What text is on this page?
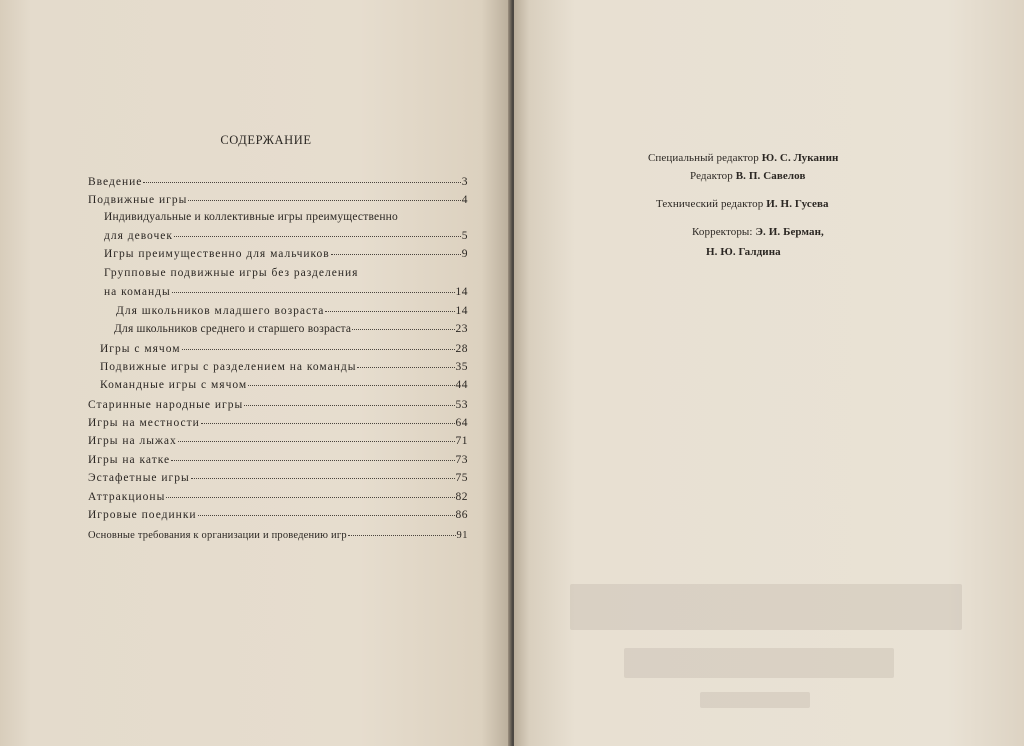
СОДЕРЖАНИЕ
Введение	3
Подвижные игры	4
Индивидуальные и коллективные игры преимущественно
для девочек	5
Игры преимущественно для мальчиков	9
Групповые подвижные игры без разделения
на команды	14
Для школьников младшего возраста	14
Для школьников среднего и старшего возраста	23
Игры с мячом	28
Подвижные игры с разделением на команды	35
Командные игры с мячом	44
Старинные народные игры	53
Игры на местности	64
Игры на лыжах	71
Игры на катке	73
Эстафетные игры	75
Аттракционы	82
Игровые поединки	86
Основные требования к организации и проведению игр	91
Специальный редактор Ю. С. Луканин
Редактор В. П. Савелов
Технический редактор И. Н. Гусева
Корректоры: Э. И. Берман,
Н. Ю. Галдина
